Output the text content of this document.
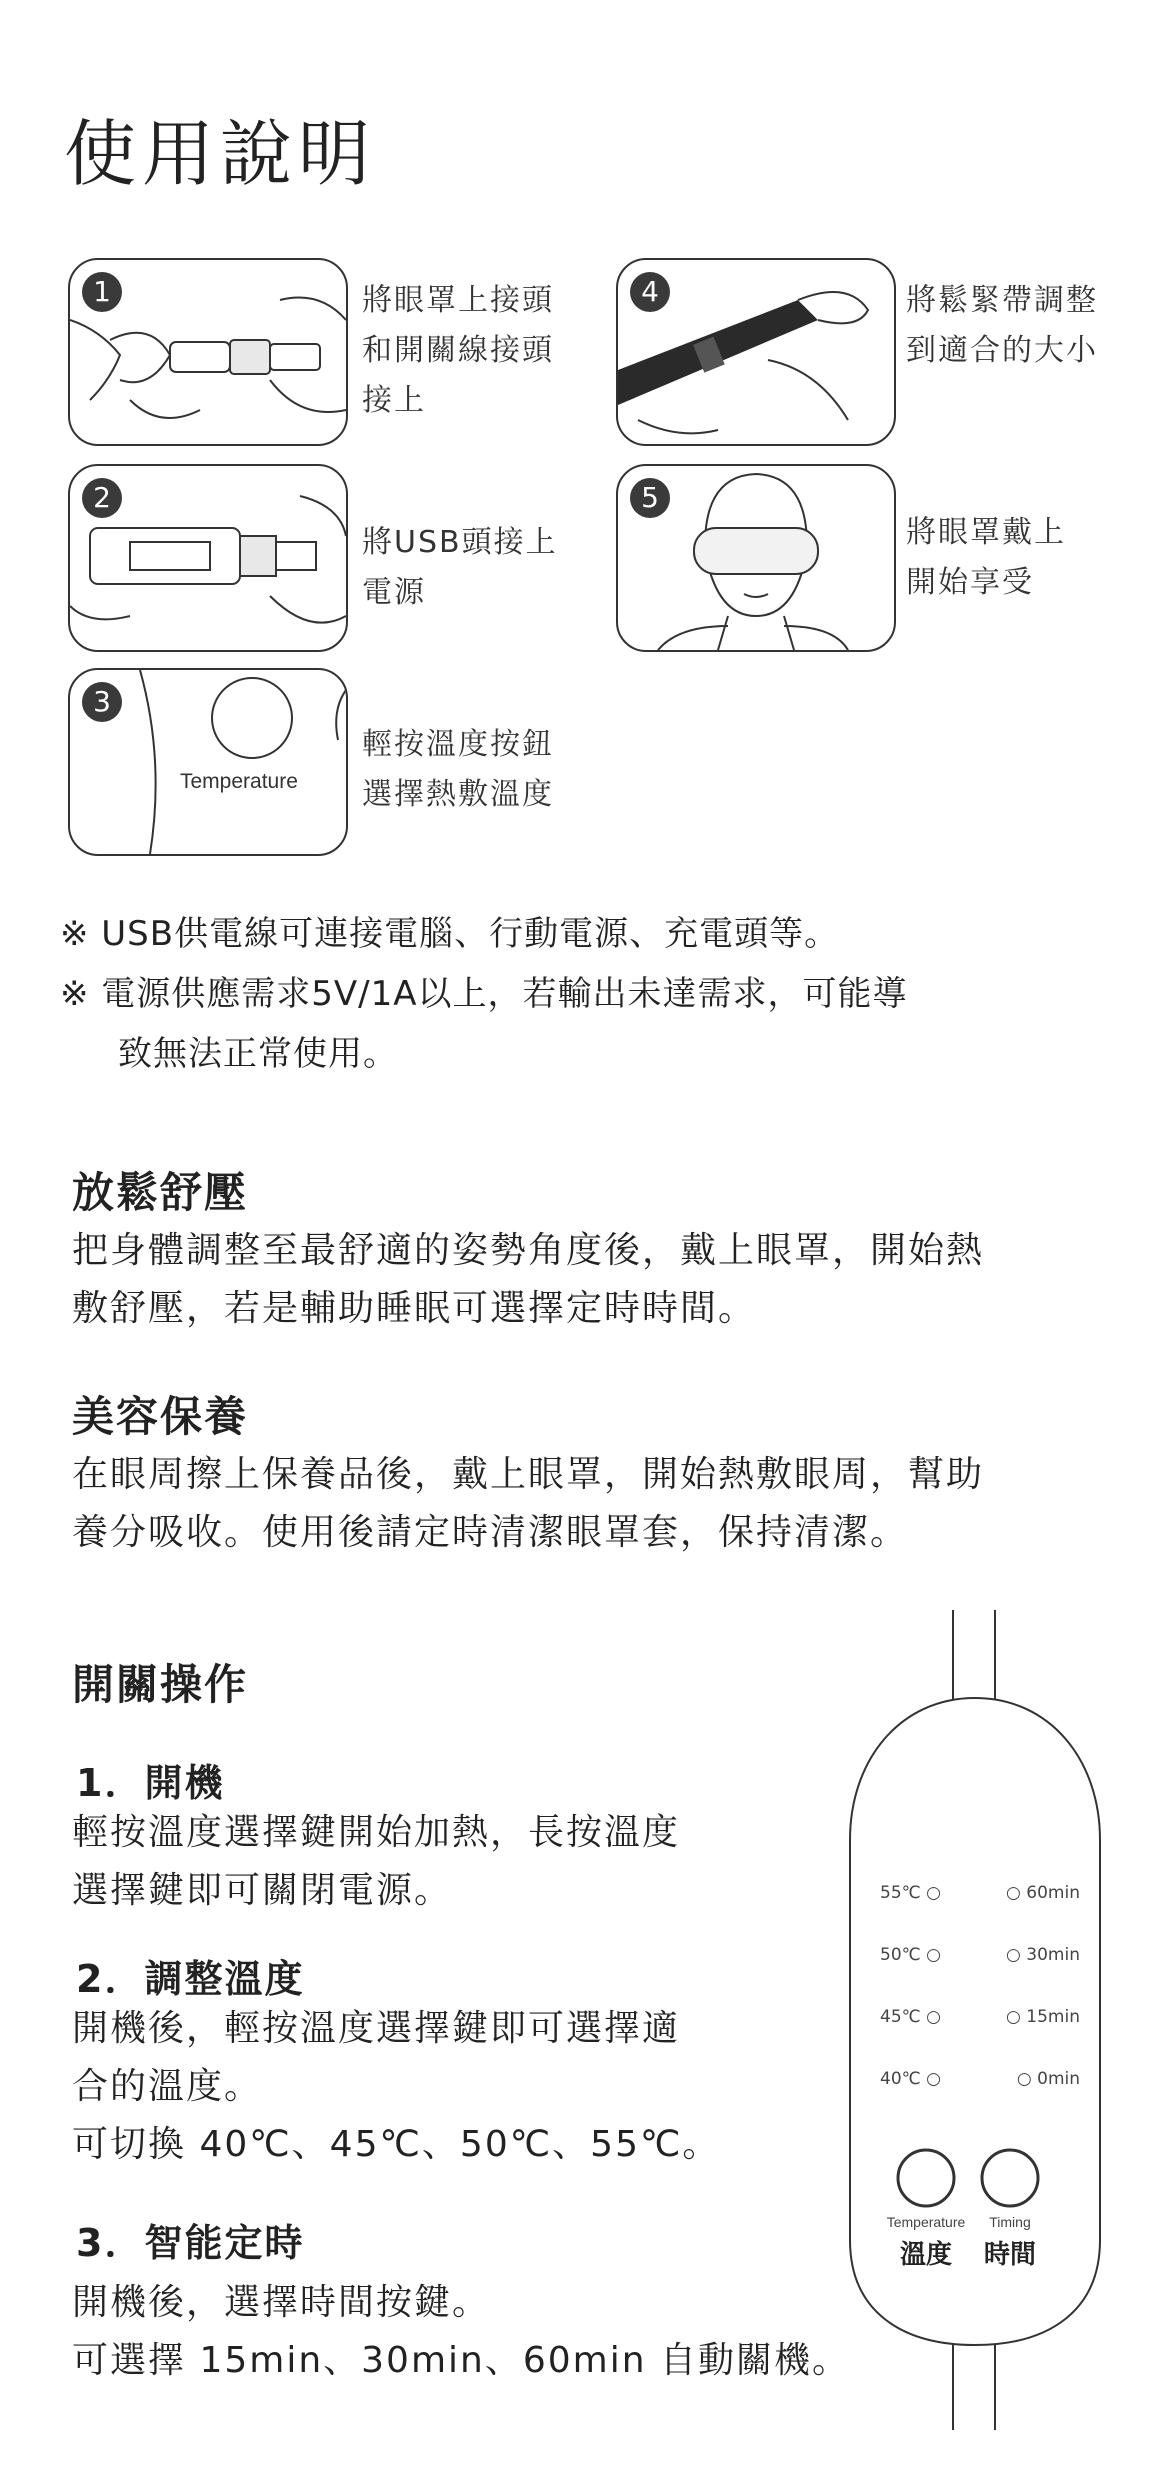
使用說明
1	將眼罩上接頭
和開關線接頭
接上
2
將USB頭接上
電源
3
Temperature
輕按溫度按鈕
選擇熱敷溫度
4	將鬆緊帶調整
到適合的大小
5
將眼罩戴上
開始享受
※ USB供電線可連接電腦、行動電源、充電頭等。
※ 電源供應需求5V/1A以上，若輸出未達需求，可能導
致無法正常使用。
放鬆舒壓
把身體調整至最舒適的姿勢角度後，戴上眼罩，開始熱
敷舒壓，若是輔助睡眠可選擇定時時間。
美容保養
在眼周擦上保養品後，戴上眼罩，開始熱敷眼周，幫助
養分吸收。使用後請定時清潔眼罩套，保持清潔。
開關操作
1．開機
輕按溫度選擇鍵開始加熱，長按溫度
選擇鍵即可關閉電源。
2．調整溫度
開機後，輕按溫度選擇鍵即可選擇適
合的溫度。
可切換 40℃、45℃、50℃、55℃。
3．智能定時
開機後，選擇時間按鍵。
可選擇 15min、30min、60min 自動關機。
55℃ ○	○ 60min
50℃ ○	○ 30min
45℃ ○	○ 15min
40℃ ○	○ 0min
Temperature	Timing
溫度	時間
